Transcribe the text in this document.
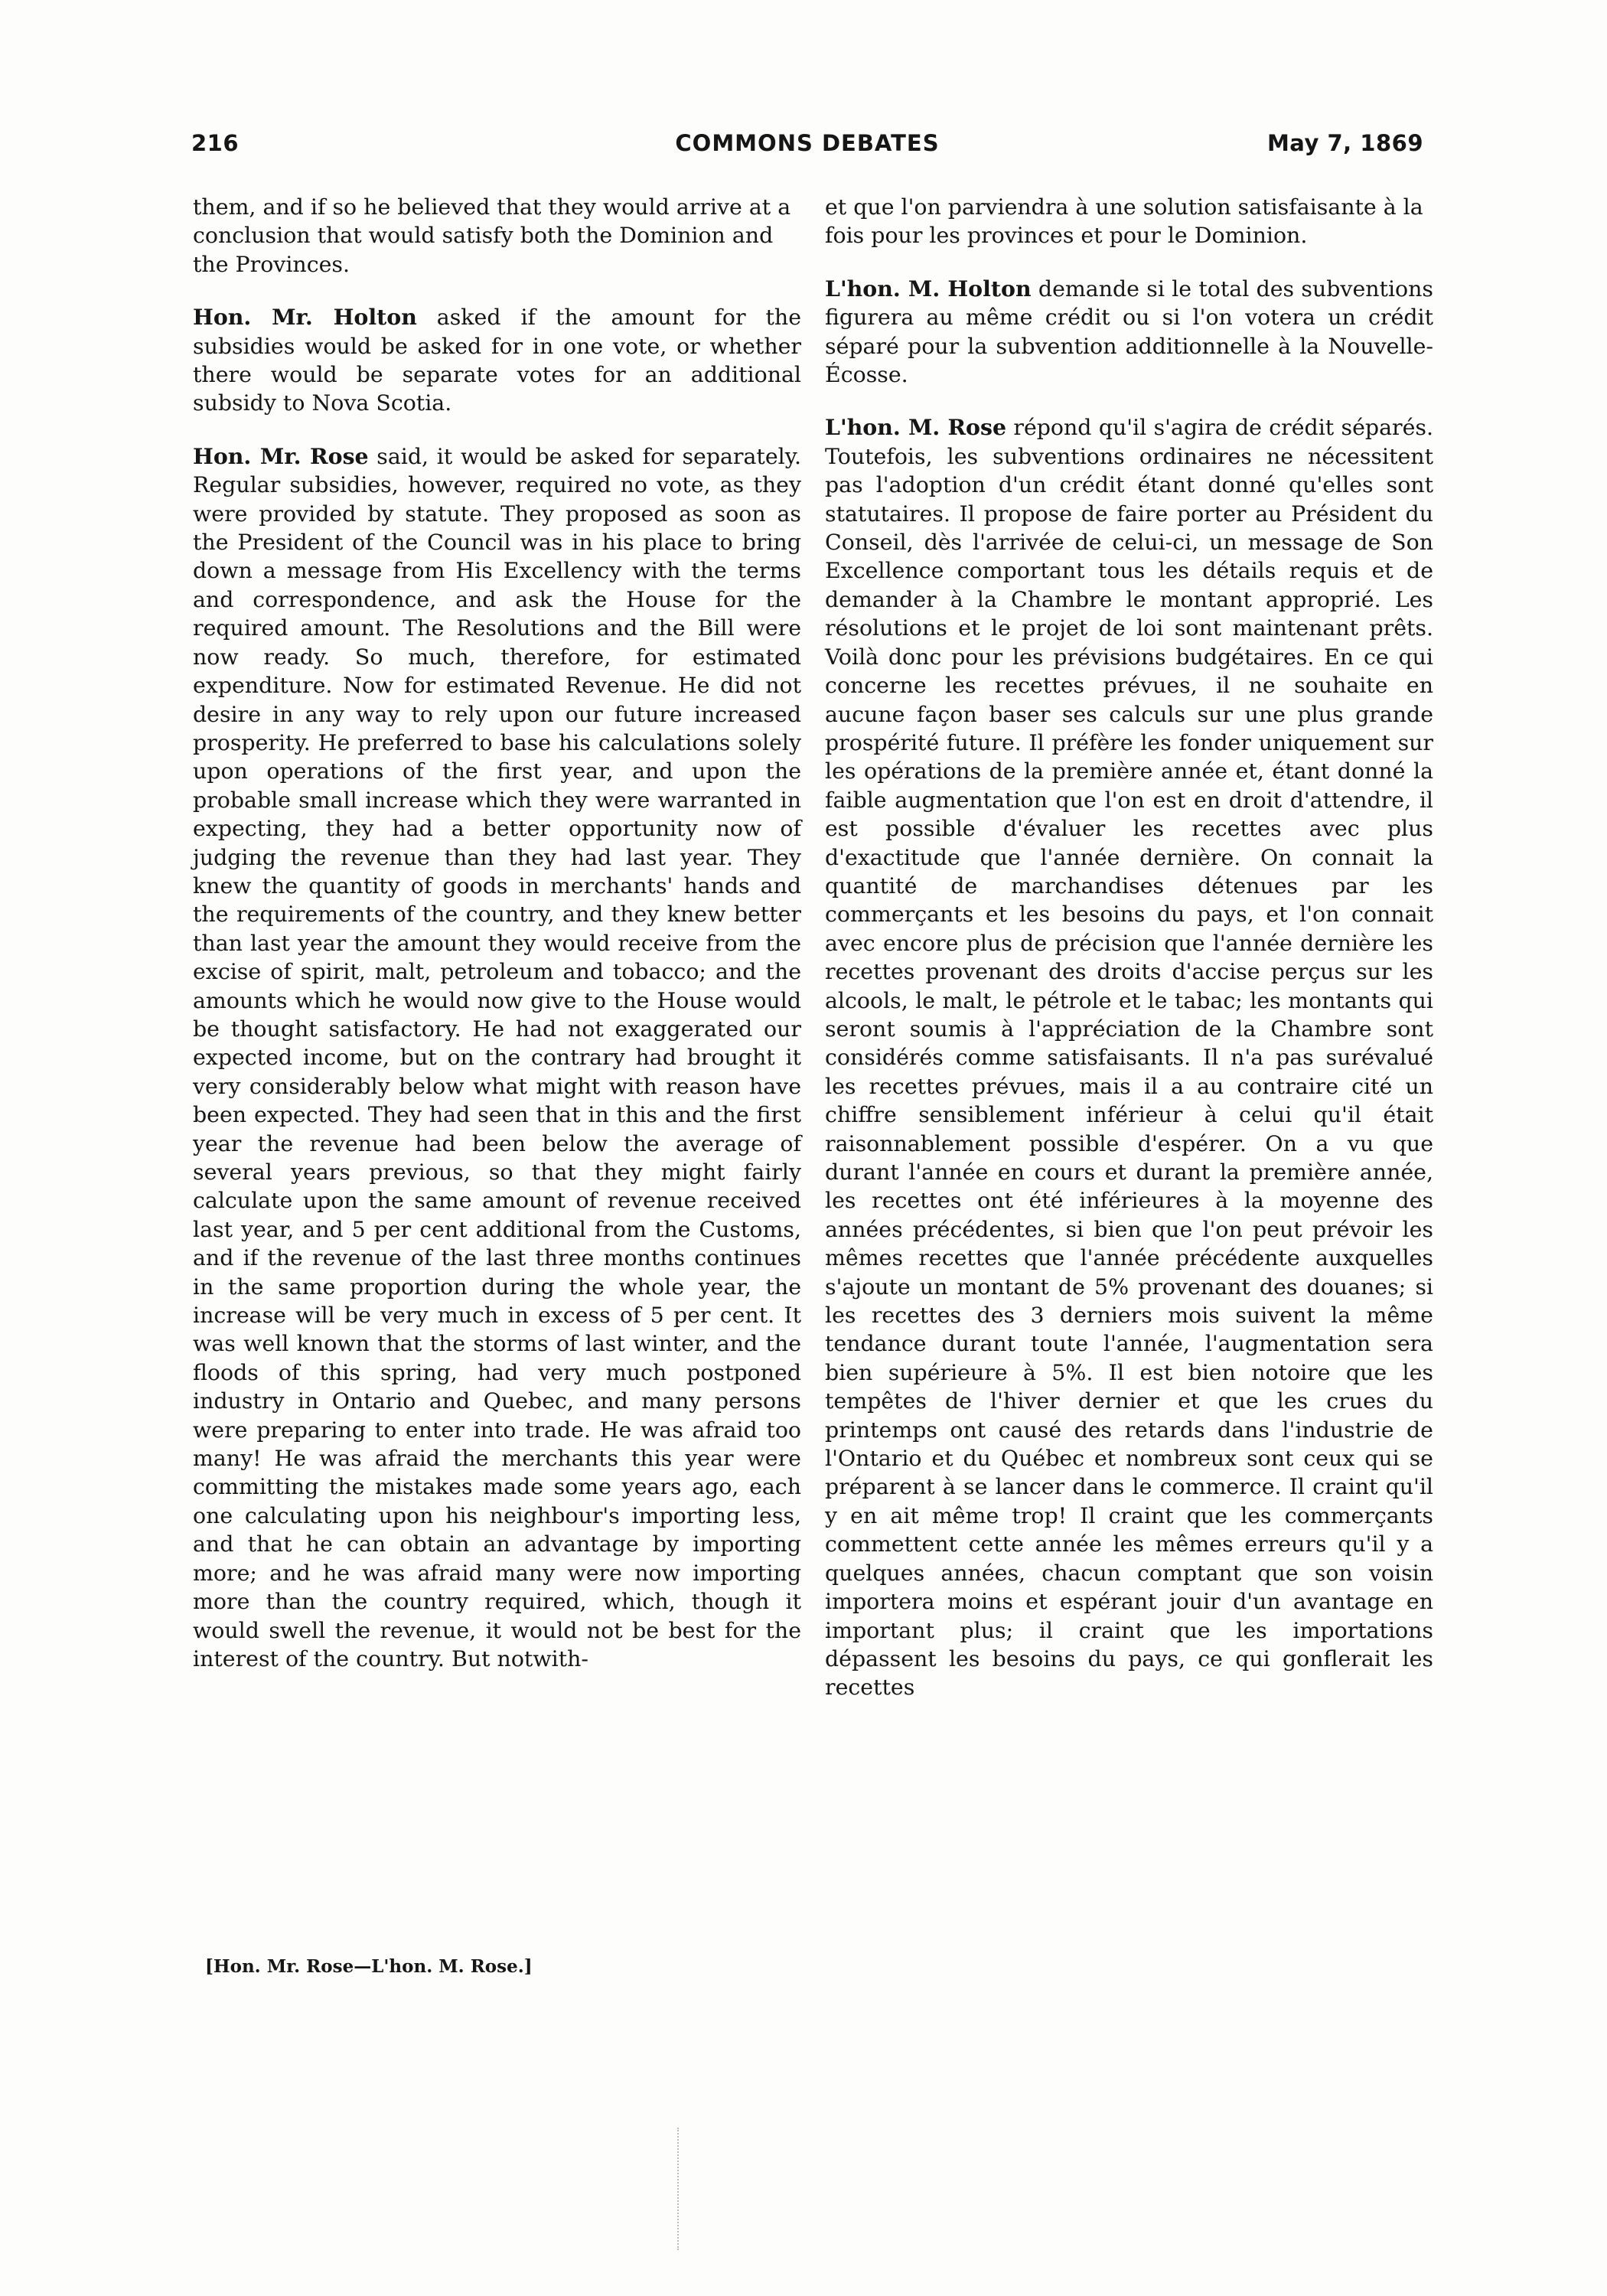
216	COMMONS DEBATES	May 7, 1869

them, and if so he believed that they would arrive at a conclusion that would satisfy both the Dominion and the Provinces.

Hon. Mr. Holton asked if the amount for the subsidies would be asked for in one vote, or whether there would be separate votes for an additional subsidy to Nova Scotia.

Hon. Mr. Rose said, it would be asked for separately. Regular subsidies, however, required no vote, as they were provided by statute. They proposed as soon as the President of the Council was in his place to bring down a message from His Excellency with the terms and correspondence, and ask the House for the required amount. The Resolutions and the Bill were now ready. So much, therefore, for estimated expenditure. Now for estimated Revenue. He did not desire in any way to rely upon our future increased prosperity. He preferred to base his calculations solely upon operations of the first year, and upon the probable small increase which they were warranted in expecting, they had a better opportunity now of judging the revenue than they had last year. They knew the quantity of goods in merchants' hands and the requirements of the country, and they knew better than last year the amount they would receive from the excise of spirit, malt, petroleum and tobacco; and the amounts which he would now give to the House would be thought satisfactory. He had not exaggerated our expected income, but on the contrary had brought it very considerably below what might with reason have been expected. They had seen that in this and the first year the revenue had been below the average of several years previous, so that they might fairly calculate upon the same amount of revenue received last year, and 5 per cent additional from the Customs, and if the revenue of the last three months continues in the same proportion during the whole year, the increase will be very much in excess of 5 per cent. It was well known that the storms of last winter, and the floods of this spring, had very much postponed industry in Ontario and Quebec, and many persons were preparing to enter into trade. He was afraid too many! He was afraid the merchants this year were committing the mistakes made some years ago, each one calculating upon his neighbour's importing less, and that he can obtain an advantage by importing more; and he was afraid many were now importing more than the country required, which, though it would swell the revenue, it would not be best for the interest of the country. But notwith-

et que l'on parviendra à une solution satisfaisante à la fois pour les provinces et pour le Dominion.

L'hon. M. Holton demande si le total des subventions figurera au même crédit ou si l'on votera un crédit séparé pour la subvention additionnelle à la Nouvelle-Écosse.

L'hon. M. Rose répond qu'il s'agira de crédit séparés. Toutefois, les subventions ordinaires ne nécessitent pas l'adoption d'un crédit étant donné qu'elles sont statutaires. Il propose de faire porter au Président du Conseil, dès l'arrivée de celui-ci, un message de Son Excellence comportant tous les détails requis et de demander à la Chambre le montant approprié. Les résolutions et le projet de loi sont maintenant prêts. Voilà donc pour les prévisions budgétaires. En ce qui concerne les recettes prévues, il ne souhaite en aucune façon baser ses calculs sur une plus grande prospérité future. Il préfère les fonder uniquement sur les opérations de la première année et, étant donné la faible augmentation que l'on est en droit d'attendre, il est possible d'évaluer les recettes avec plus d'exactitude que l'année dernière. On connait la quantité de marchandises détenues par les commerçants et les besoins du pays, et l'on connait avec encore plus de précision que l'année dernière les recettes provenant des droits d'accise perçus sur les alcools, le malt, le pétrole et le tabac; les montants qui seront soumis à l'appréciation de la Chambre sont considérés comme satisfaisants. Il n'a pas surévalué les recettes prévues, mais il a au contraire cité un chiffre sensiblement inférieur à celui qu'il était raisonnablement possible d'espérer. On a vu que durant l'année en cours et durant la première année, les recettes ont été inférieures à la moyenne des années précédentes, si bien que l'on peut prévoir les mêmes recettes que l'année précédente auxquelles s'ajoute un montant de 5% provenant des douanes; si les recettes des 3 derniers mois suivent la même tendance durant toute l'année, l'augmentation sera bien supérieure à 5%. Il est bien notoire que les tempêtes de l'hiver dernier et que les crues du printemps ont causé des retards dans l'industrie de l'Ontario et du Québec et nombreux sont ceux qui se préparent à se lancer dans le commerce. Il craint qu'il y en ait même trop! Il craint que les commerçants commettent cette année les mêmes erreurs qu'il y a quelques années, chacun comptant que son voisin importera moins et espérant jouir d'un avantage en important plus; il craint que les importations dépassent les besoins du pays, ce qui gonflerait les recettes

[Hon. Mr. Rose—L'hon. M. Rose.]
